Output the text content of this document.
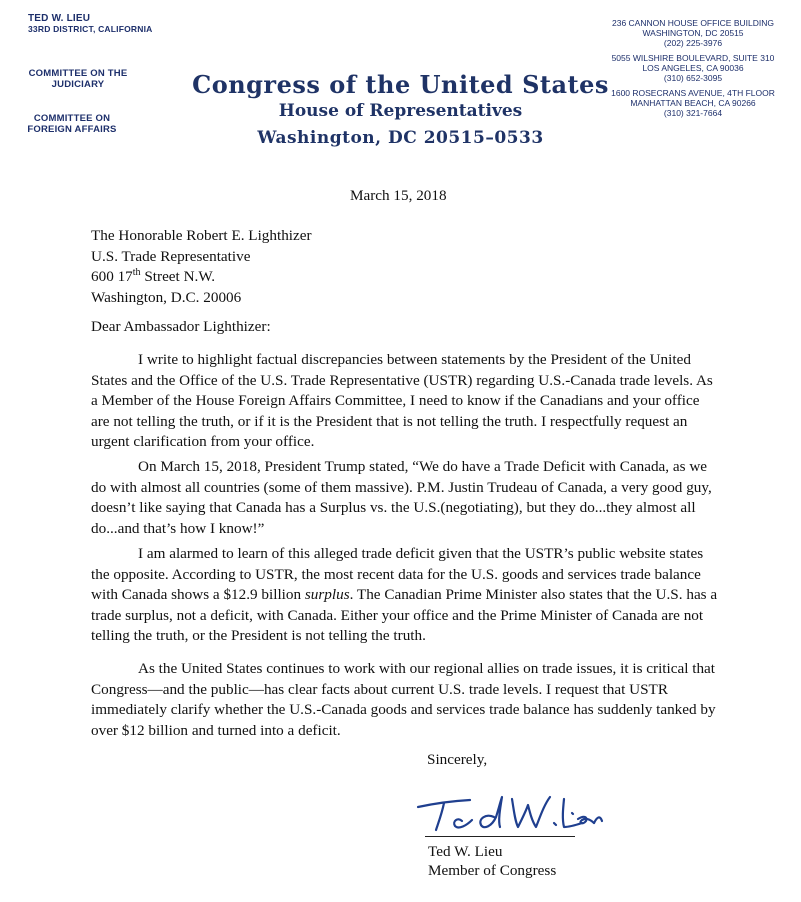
TED W. LIEU
33RD DISTRICT, CALIFORNIA
COMMITTEE ON THE
JUDICIARY
COMMITTEE ON
FOREIGN AFFAIRS
Congress of the United States
House of Representatives
Washington, DC 20515–0533
236 CANNON HOUSE OFFICE BUILDING
WASHINGTON, DC 20515
(202) 225-3976
5055 WILSHIRE BOULEVARD, SUITE 310
LOS ANGELES, CA 90036
(310) 652-3095
1600 ROSECRANS AVENUE, 4TH FLOOR
MANHATTAN BEACH, CA 90266
(310) 321-7664
March 15, 2018
The Honorable Robert E. Lighthizer
U.S. Trade Representative
600 17th Street N.W.
Washington, D.C. 20006
Dear Ambassador Lighthizer:

I write to highlight factual discrepancies between statements by the President of the United States and the Office of the U.S. Trade Representative (USTR) regarding U.S.-Canada trade levels. As a Member of the House Foreign Affairs Committee, I need to know if the Canadians and your office are not telling the truth, or if it is the President that is not telling the truth. I respectfully request an urgent clarification from your office.

On March 15, 2018, President Trump stated, “We do have a Trade Deficit with Canada, as we do with almost all countries (some of them massive). P.M. Justin Trudeau of Canada, a very good guy, doesn’t like saying that Canada has a Surplus vs. the U.S.(negotiating), but they do...they almost all do...and that’s how I know!”

I am alarmed to learn of this alleged trade deficit given that the USTR’s public website states the opposite. According to USTR, the most recent data for the U.S. goods and services trade balance with Canada shows a $12.9 billion surplus. The Canadian Prime Minister also states that the U.S. has a trade surplus, not a deficit, with Canada. Either your office and the Prime Minister of Canada are not telling the truth, or the President is not telling the truth.

As the United States continues to work with our regional allies on trade issues, it is critical that Congress—and the public—has clear facts about current U.S. trade levels. I request that USTR immediately clarify whether the U.S.-Canada goods and services trade balance has suddenly tanked by over $12 billion and turned into a deficit.

Sincerely,
Ted W. Lieu
Member of Congress
